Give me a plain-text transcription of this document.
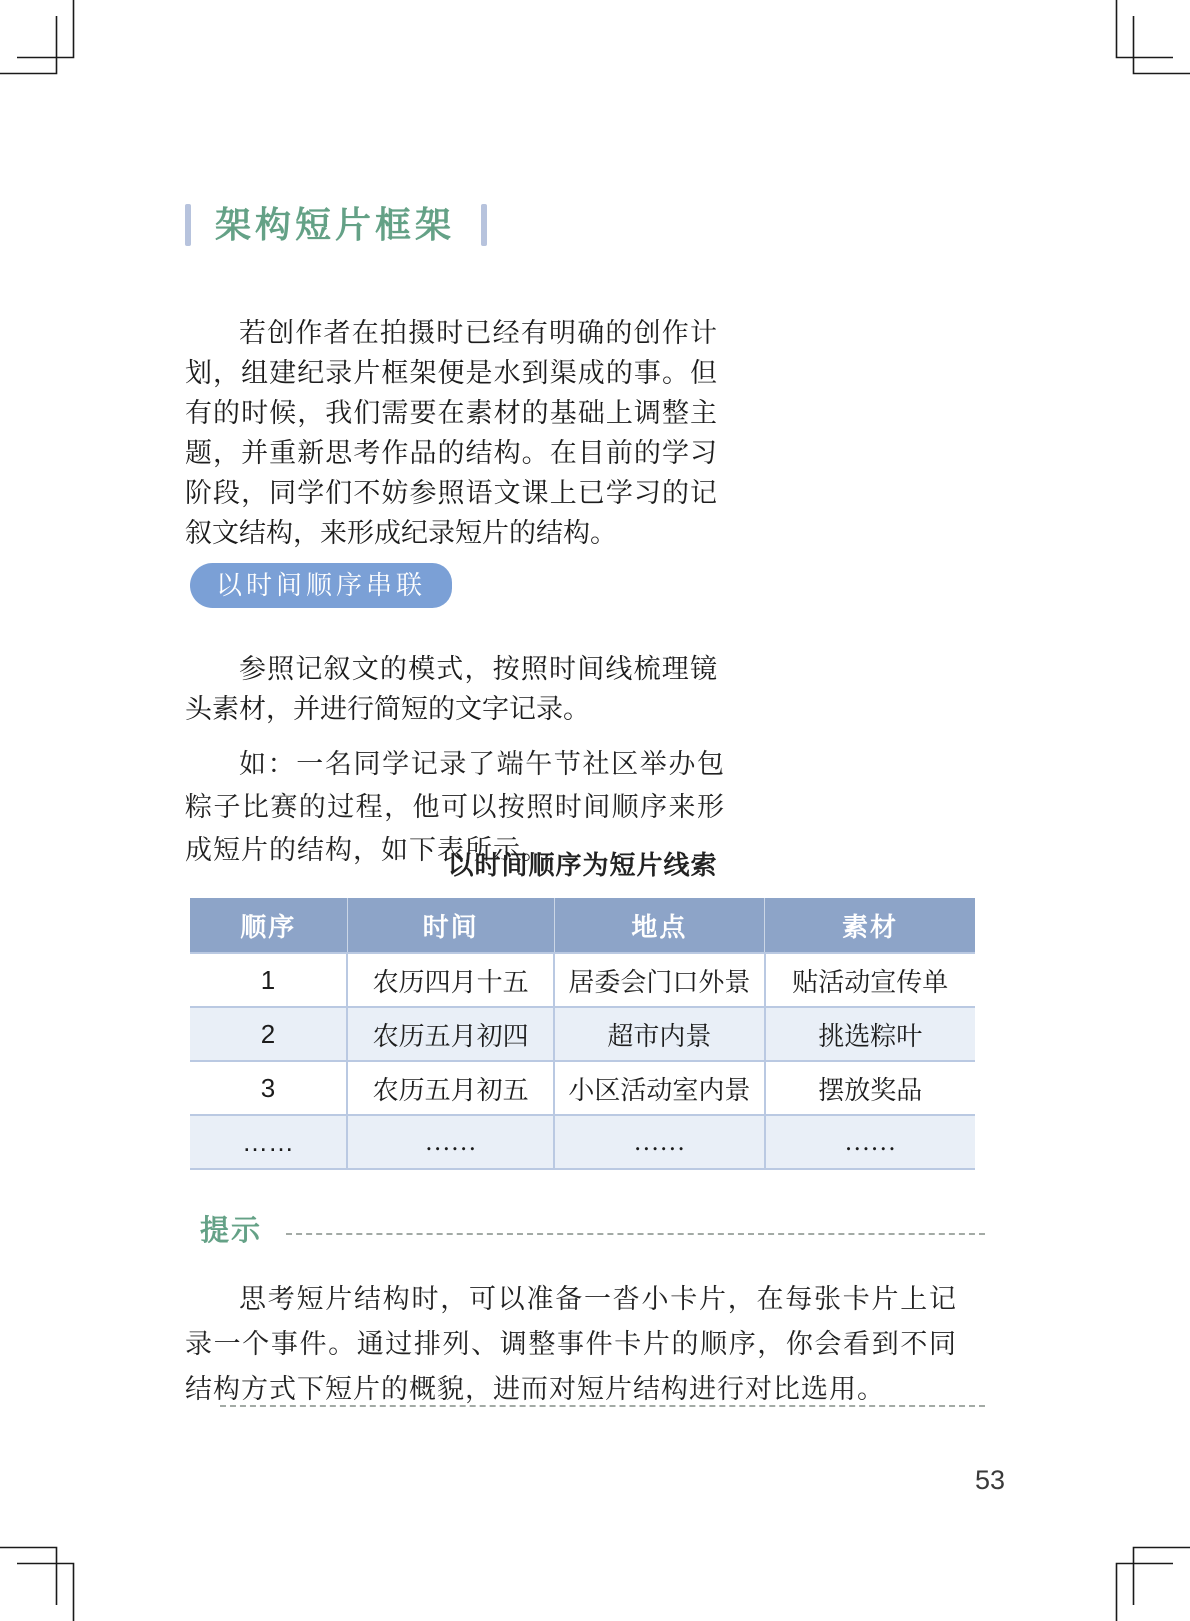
架构短片框架

若创作者在拍摄时已经有明确的创作计划，组建纪录片框架便是水到渠成的事。但有的时候，我们需要在素材的基础上调整主题，并重新思考作品的结构。在目前的学习阶段，同学们不妨参照语文课上已学习的记叙文结构，来形成纪录短片的结构。

以时间顺序串联

参照记叙文的模式，按照时间线梳理镜头素材，并进行简短的文字记录。

如：一名同学记录了端午节社区举办包粽子比赛的过程，他可以按照时间顺序来形成短片的结构，如下表所示。

以时间顺序为短片线索
顺序	时间	地点	素材
1	农历四月十五	居委会门口外景	贴活动宣传单
2	农历五月初四	超市内景	挑选粽叶
3	农历五月初五	小区活动室内景	摆放奖品
……	……	……	……
提示

思考短片结构时，可以准备一沓小卡片，在每张卡片上记录一个事件。通过排列、调整事件卡片的顺序，你会看到不同结构方式下短片的概貌，进而对短片结构进行对比选用。

53
